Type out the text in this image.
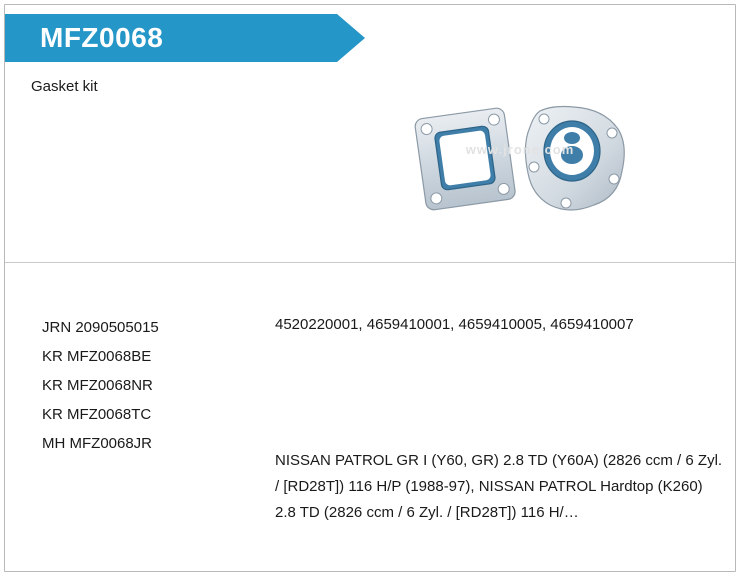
MFZ0068
Gasket kit
www.jrone.com
JRN 2090505015
KR MFZ0068BE
KR MFZ0068NR
KR MFZ0068TC
MH MFZ0068JR
4520220001, 4659410001, 4659410005, 4659410007
NISSAN PATROL GR I (Y60, GR) 2.8 TD (Y60A) (2826 ccm / 6 Zyl. / [RD28T]) 116 H/P (1988-97), NISSAN PATROL Hardtop (K260) 2.8 TD (2826 ccm / 6 Zyl. / [RD28T]) 116 H/…
